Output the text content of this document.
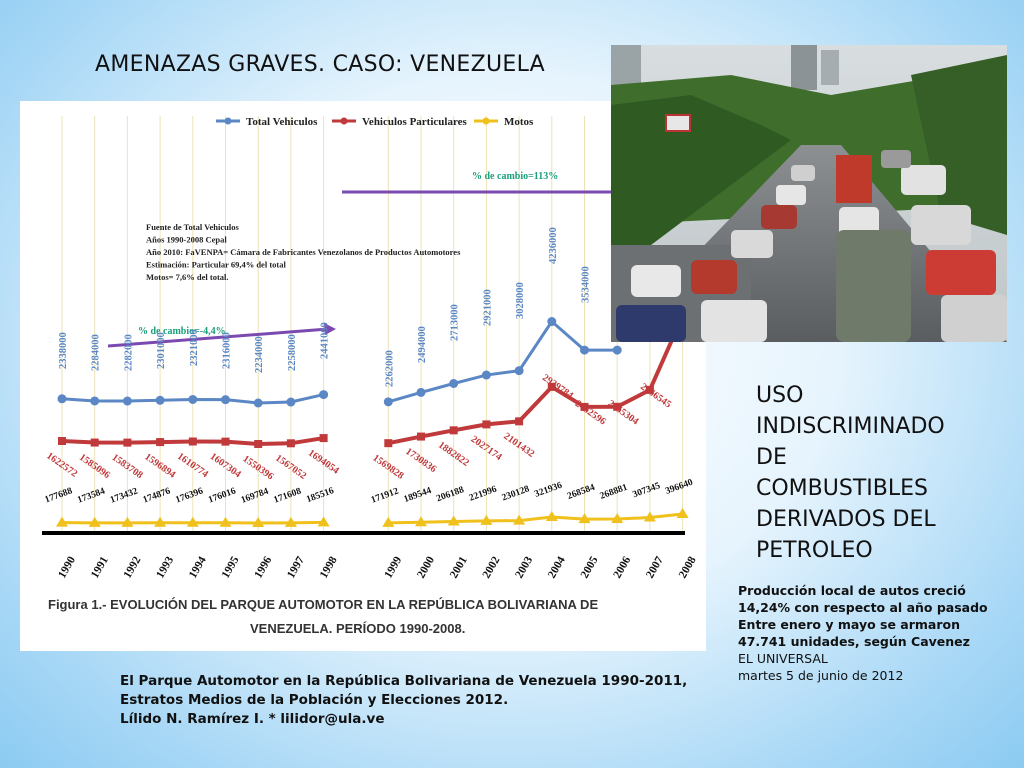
AMENAZAS GRAVES. CASO: VENEZUELA
Total Vehiculos	Vehiculos Particulares	Motos
Fuente de Total Vehiculos
Años 1990-2008 Cepal
Año 2010: FaVENPA= Cámara de Fabricantes Venezolanos de Productos Automotores
Estimación: Particular 69,4% del total
Motos= 7,6% del total.
% de cambio=-4,4%
% de cambio=113%
2338000 2284000 2282000 2301000 2321000 2316000 2234000 2258000 2441000
2262000
2494000
2713000 2921000 3028000
4236000
3534000
1622572
1585096
1583708
1596894
1610774
1607304
1550396
1567052
1694054	1569828
1730836
1882822
2027174
2101432
2939784
2452596
2455304
2866545
177688 173584 173432 174876 176396 176016 169784 171608 185516	171912 189544 206188 221996 230128 321936 268584 268881 307345 396640
1990 1991 1992 1993 1994 1995 1996 1997 1998	1999 2000 2001 2002 2003 2004 2005 2006 2007 2008
Figura 1.- EVOLUCIÓN DEL PARQUE AUTOMOTOR EN LA REPÚBLICA BOLIVARIANA DE
VENEZUELA. PERÍODO 1990-2008.
USO
INDISCRIMINADO
DE
COMBUSTIBLES
DERIVADOS DEL
PETROLEO
Producción local de autos creció
14,24% con respecto al año pasado
Entre enero y mayo se armaron
47.741 unidades, según Cavenez
EL UNIVERSAL
martes 5 de junio de 2012
El Parque Automotor en la República Bolivariana de Venezuela 1990-2011,
Estratos Medios de la Población y Elecciones 2012.
Lílido N. Ramírez I. * lilidor@ula.ve
